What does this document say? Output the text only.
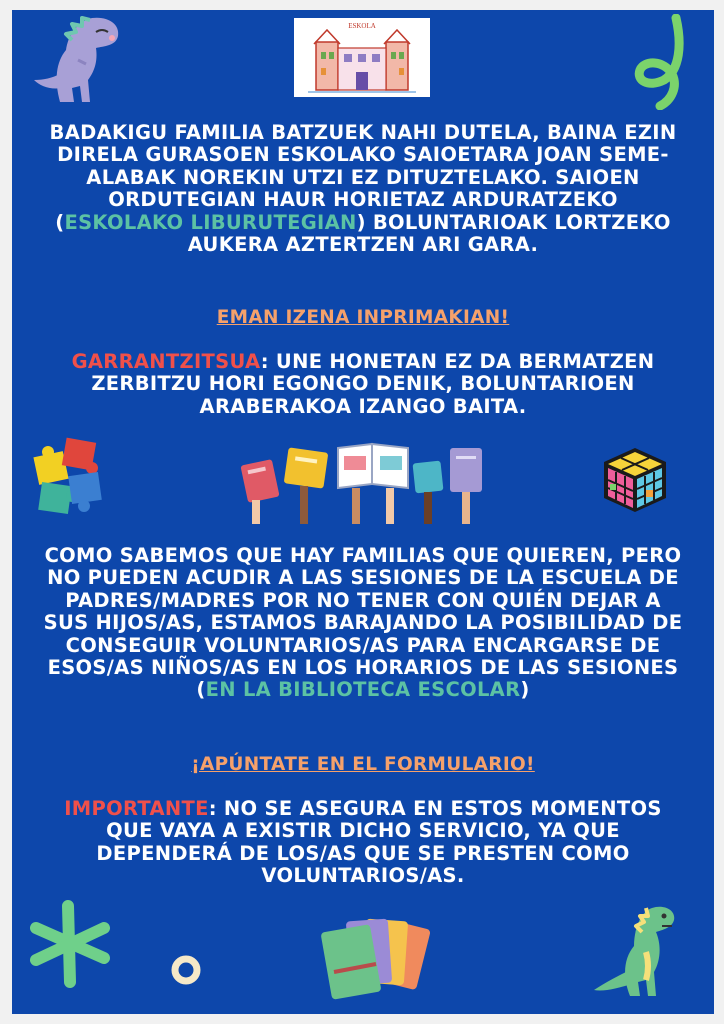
ESKOLA
BADAKIGU FAMILIA BATZUEK NAHI DUTELA, BAINA EZIN DIRELA GURASOEN ESKOLAKO SAIOETARA JOAN SEME-ALABAK NOREKIN UTZI EZ DITUZTELAKO. SAIOEN ORDUTEGIAN HAUR HORIETAZ ARDURATZEKO (ESKOLAKO LIBURUTEGIAN) BOLUNTARIOAK LORTZEKO AUKERA AZTERTZEN ARI GARA.
EMAN IZENA INPRIMAKIAN!
GARRANTZITSUA: UNE HONETAN EZ DA BERMATZEN ZERBITZU HORI EGONGO DENIK, BOLUNTARIOEN ARABERAKOA IZANGO BAITA.
COMO SABEMOS QUE HAY FAMILIAS QUE QUIEREN, PERO NO PUEDEN ACUDIR A LAS SESIONES DE LA ESCUELA DE PADRES/MADRES POR NO TENER CON QUIÉN DEJAR A SUS HIJOS/AS, ESTAMOS BARAJANDO LA POSIBILIDAD DE CONSEGUIR VOLUNTARIOS/AS PARA ENCARGARSE DE ESOS/AS NIÑOS/AS EN LOS HORARIOS DE LAS SESIONES (EN LA BIBLIOTECA ESCOLAR)
¡APÚNTATE EN EL FORMULARIO!
IMPORTANTE: NO SE ASEGURA EN ESTOS MOMENTOS QUE VAYA A EXISTIR DICHO SERVICIO, YA QUE DEPENDERÁ DE LOS/AS QUE SE PRESTEN COMO VOLUNTARIOS/AS.
